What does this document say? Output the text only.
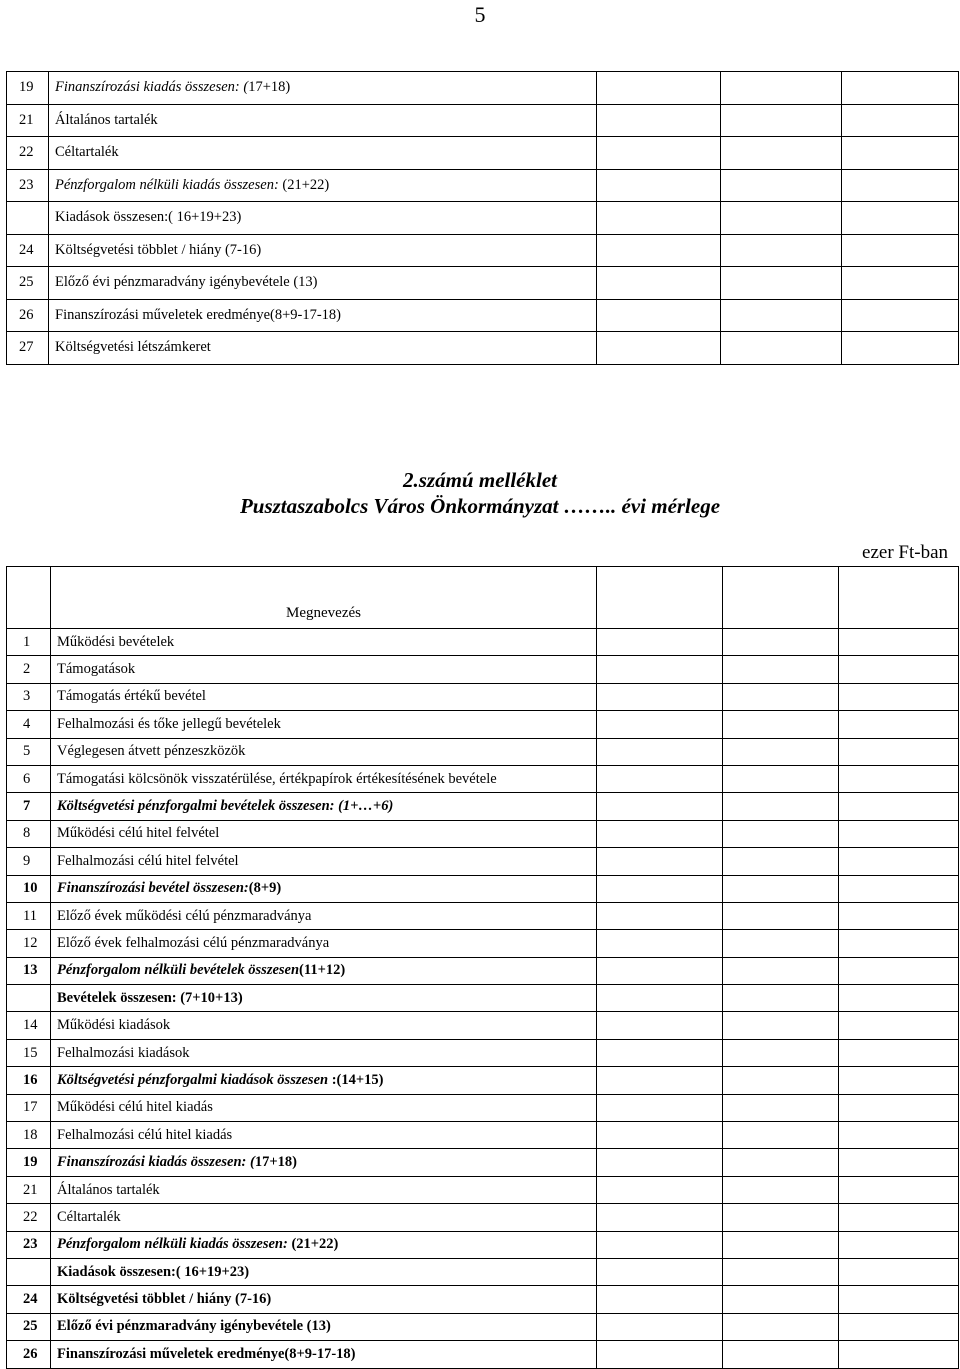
5
19	Finanszírozási kiadás összesen: (17+18)			
21	Általános tartalék			
22	Céltartalék			
23	Pénzforgalom nélküli kiadás összesen: (21+22)			
	Kiadások összesen:( 16+19+23)			
24	Költségvetési többlet / hiány (7-16)			
25	Előző évi pénzmaradvány igénybevétele (13)			
26	Finanszírozási műveletek eredménye(8+9-17-18)			
27	Költségvetési létszámkeret			
2.számú melléklet
Pusztaszabolcs Város Önkormányzat …….. évi mérlege
ezer Ft-ban
	Megnevezés			
1	Működési bevételek			
2	Támogatások			
3	Támogatás értékű bevétel			
4	Felhalmozási és tőke jellegű bevételek			
5	Véglegesen átvett pénzeszközök			
6	Támogatási kölcsönök visszatérülése, értékpapírok értékesítésének bevétele			
7	Költségvetési pénzforgalmi bevételek összesen: (1+…+6)			
8	Működési célú hitel felvétel			
9	Felhalmozási célú hitel felvétel			
10	Finanszírozási bevétel összesen:(8+9)			
11	Előző évek működési célú pénzmaradványa			
12	Előző évek felhalmozási célú pénzmaradványa			
13	Pénzforgalom nélküli bevételek összesen(11+12)			
	Bevételek összesen: (7+10+13)			
14	Működési kiadások			
15	Felhalmozási kiadások			
16	Költségvetési pénzforgalmi kiadások összesen :(14+15)			
17	Működési célú hitel kiadás			
18	Felhalmozási célú hitel kiadás			
19	Finanszírozási kiadás összesen: (17+18)			
21	Általános tartalék			
22	Céltartalék			
23	Pénzforgalom nélküli kiadás összesen: (21+22)			
	Kiadások összesen:( 16+19+23)			
24	Költségvetési többlet / hiány (7-16)			
25	Előző évi pénzmaradvány igénybevétele (13)			
26	Finanszírozási műveletek eredménye(8+9-17-18)			
